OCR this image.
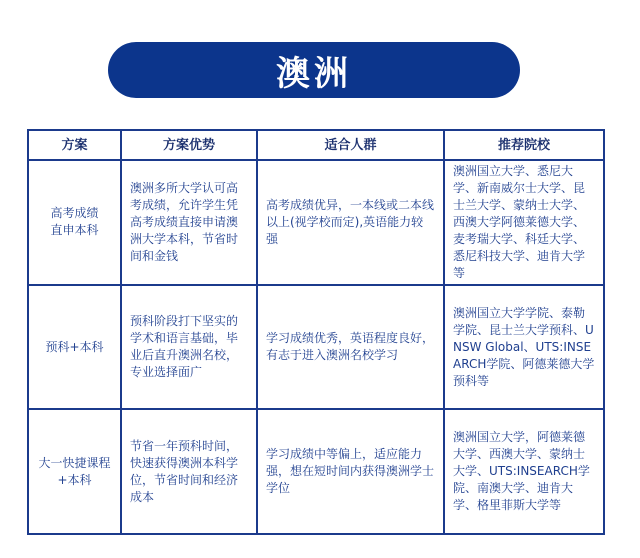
澳洲
方案	方案优势	适合人群	推荐院校
高考成绩
直申本科	澳洲多所大学认可高考成绩，允许学生凭高考成绩直接申请澳洲大学本科，节省时间和金钱	高考成绩优异，一本线或二本线以上(视学校而定),英语能力较强	澳洲国立大学、悉尼大学、新南威尔士大学、昆士兰大学、蒙纳士大学、西澳大学阿德莱德大学、麦考瑞大学、科廷大学、悉尼科技大学、迪肯大学等
预科+本科	预科阶段打下坚实的学术和语言基础，毕业后直升澳洲名校，专业选择面广	学习成绩优秀，英语程度良好，有志于进入澳洲名校学习	澳洲国立大学学院、泰勒学院、昆士兰大学预科、UNSW Global、UTS:INSEARCH学院、阿德莱德大学预科等
大一快捷课程
+本科	节省一年预科时间，快速获得澳洲本科学位，节省时间和经济成本	学习成绩中等偏上，适应能力强，想在短时间内获得澳洲学士学位	澳洲国立大学，阿德莱德大学、西澳大学、蒙纳士大学、UTS:INSEARCH学院、南澳大学、迪肯大学、格里菲斯大学等
